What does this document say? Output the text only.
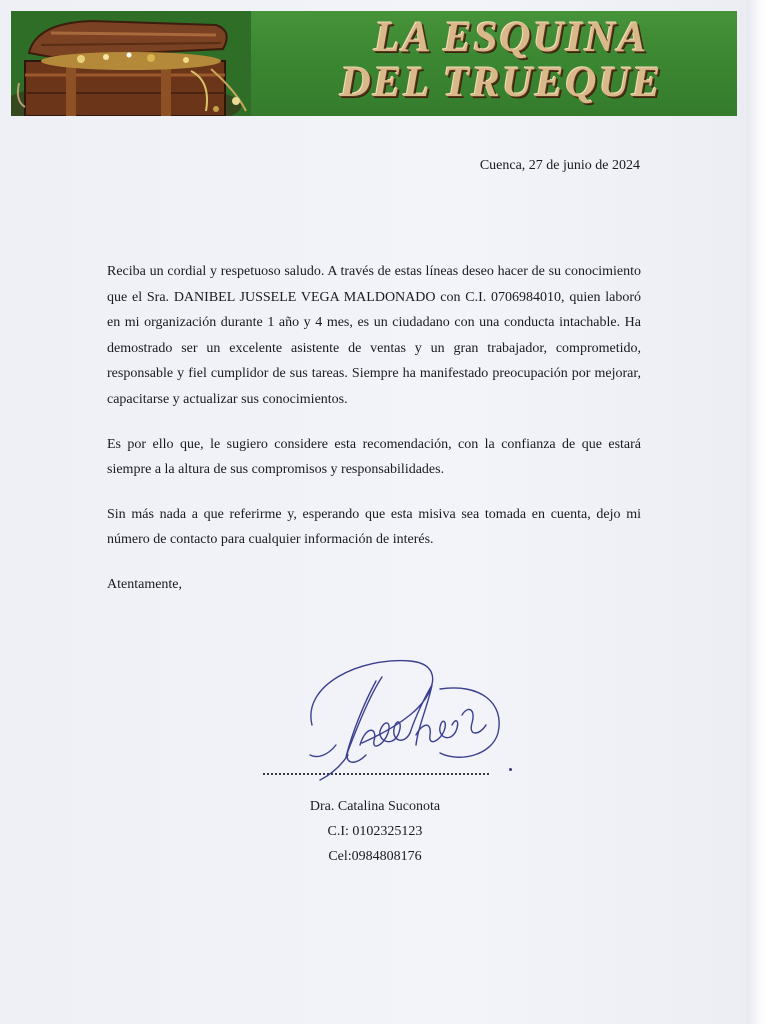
LA ESQUINA
DEL TRUEQUE
Cuenca, 27 de junio de 2024

Reciba un cordial y respetuoso saludo. A través de estas líneas deseo hacer de su conocimiento que el Sra. DANIBEL JUSSELE VEGA MALDONADO con C.I. 0706984010, quien laboró en mi organización durante 1 año y 4 mes, es un ciudadano con una conducta intachable. Ha demostrado ser un excelente asistente de ventas y un gran trabajador, comprometido, responsable y fiel cumplidor de sus tareas. Siempre ha manifestado preocupación por mejorar, capacitarse y actualizar sus conocimientos.

Es por ello que, le sugiero considere esta recomendación, con la confianza de que estará siempre a la altura de sus compromisos y responsabilidades.

Sin más nada a que referirme y, esperando que esta misiva sea tomada en cuenta, dejo mi número de contacto para cualquier información de interés.

Atentamente,

Dra. Catalina Suconota
C.I: 0102325123
Cel:0984808176
